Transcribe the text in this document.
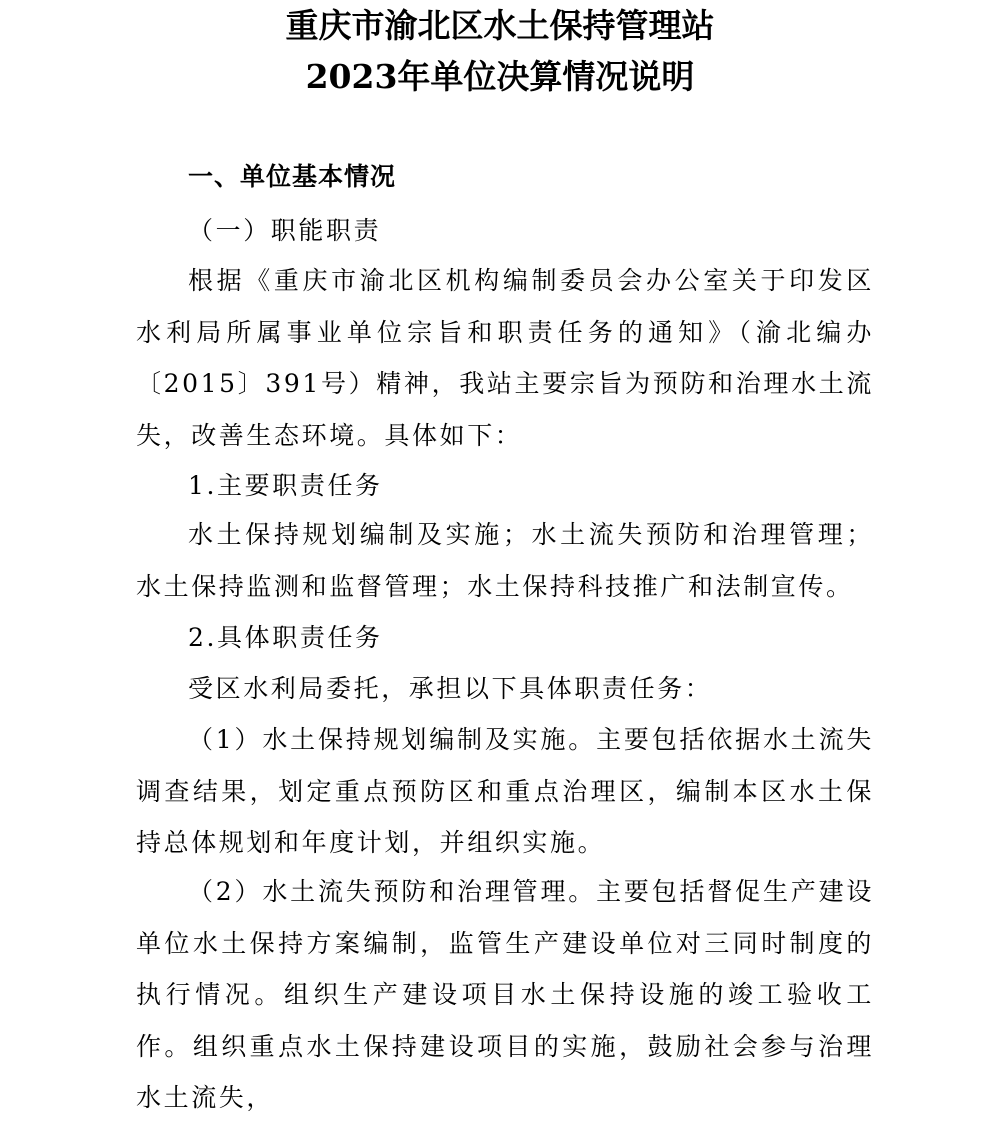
重庆市渝北区水土保持管理站
2023年单位决算情况说明
一、单位基本情况

（一）职能职责

根据《重庆市渝北区机构编制委员会办公室关于印发区水利局所属事业单位宗旨和职责任务的通知》（渝北编办〔2015〕391号）精神，我站主要宗旨为预防和治理水土流失，改善生态环境。具体如下：

1.主要职责任务

水土保持规划编制及实施；水土流失预防和治理管理；水土保持监测和监督管理；水土保持科技推广和法制宣传。

2.具体职责任务

受区水利局委托，承担以下具体职责任务：

（1）水土保持规划编制及实施。主要包括依据水土流失调查结果，划定重点预防区和重点治理区，编制本区水土保持总体规划和年度计划，并组织实施。

（2）水土流失预防和治理管理。主要包括督促生产建设单位水土保持方案编制，监管生产建设单位对三同时制度的执行情况。组织生产建设项目水土保持设施的竣工验收工作。组织重点水土保持建设项目的实施，鼓励社会参与治理水土流失，
